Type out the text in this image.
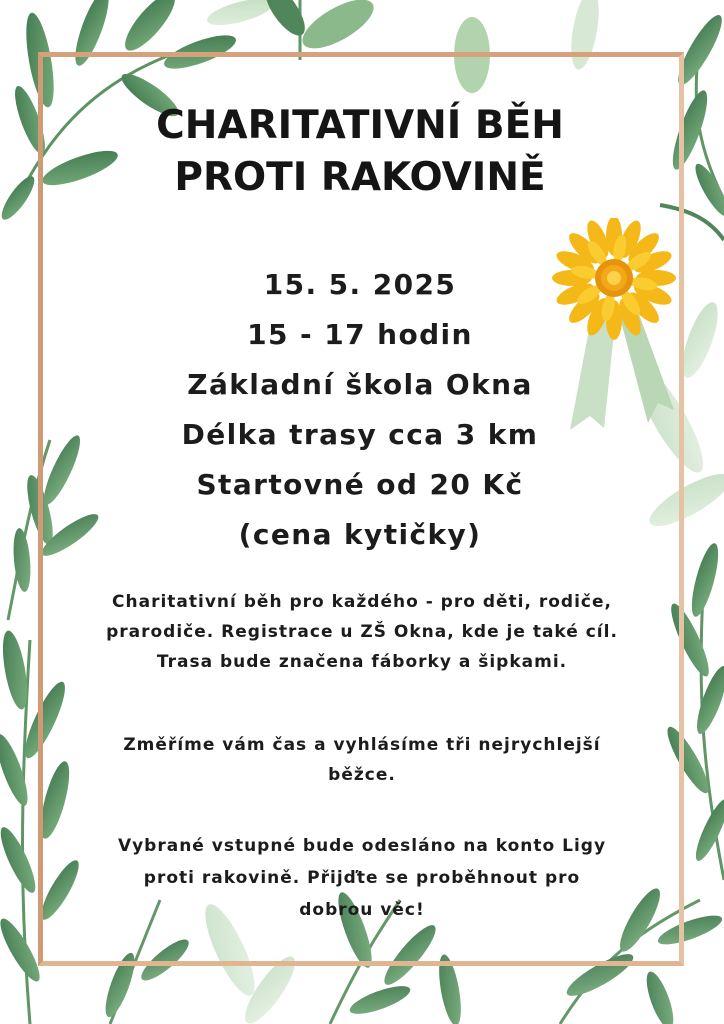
CHARITATIVNÍ BĚH
PROTI RAKOVINĚ
15. 5. 2025
15 - 17 hodin
Základní škola Okna
Délka trasy cca 3 km
Startovné od 20 Kč
(cena kytičky)

Charitativní běh pro každého - pro děti, rodiče,
prarodiče. Registrace u ZŠ Okna, kde je také cíl.
Trasa bude značena fáborky a šipkami.

Změříme vám čas a vyhlásíme tři nejrychlejší
běžce.

Vybrané vstupné bude odesláno na konto Ligy
proti rakovině. Přijďte se proběhnout pro
dobrou věc!
